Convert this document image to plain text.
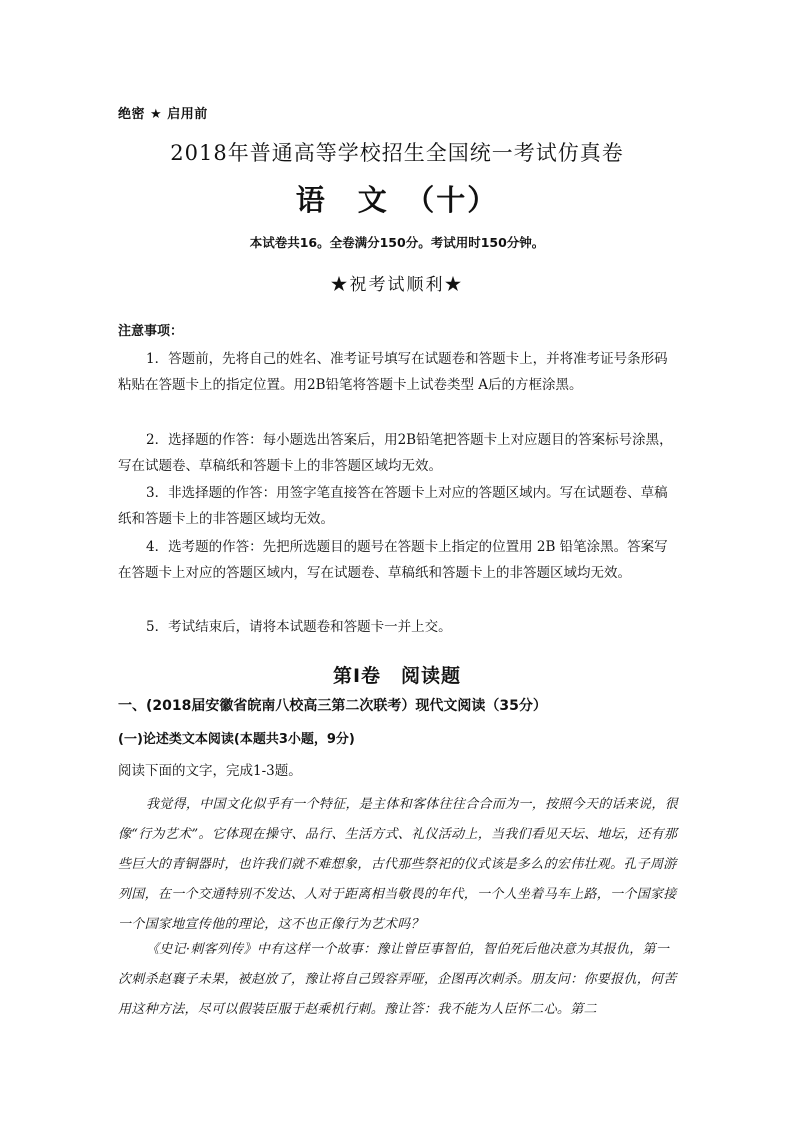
绝密 ★ 启用前
2018年普通高等学校招生全国统一考试仿真卷
语　文　（十）
本试卷共16。全卷满分150分。考试用时150分钟。
★祝考试顺利★
注意事项：
1．答题前，先将自己的姓名、准考证号填写在试题卷和答题卡上，并将准考证号条形码粘贴在答题卡上的指定位置。用2B铅笔将答题卡上试卷类型 A后的方框涂黑。
2．选择题的作答：每小题选出答案后，用2B铅笔把答题卡上对应题目的答案标号涂黑，写在试题卷、草稿纸和答题卡上的非答题区域均无效。
3．非选择题的作答：用签字笔直接答在答题卡上对应的答题区域内。写在试题卷、草稿纸和答题卡上的非答题区域均无效。
4．选考题的作答：先把所选题目的题号在答题卡上指定的位置用 2B 铅笔涂黑。答案写在答题卡上对应的答题区域内，写在试题卷、草稿纸和答题卡上的非答题区域均无效。
5．考试结束后，请将本试题卷和答题卡一并上交。
第Ⅰ卷　阅读题
一、(2018届安徽省皖南八校高三第二次联考）现代文阅读（35分）
(一)论述类文本阅读(本题共3小题，9分)
阅读下面的文字，完成1-3题。
我觉得，中国文化似乎有一个特征，是主体和客体往往合合而为一，按照今天的话来说，很像“行为艺术”。它体现在操守、品行、生活方式、礼仪活动上，当我们看见天坛、地坛，还有那些巨大的青铜器时，也许我们就不难想象，古代那些祭祀的仪式该是多么的宏伟壮观。孔子周游列国，在一个交通特别不发达、人对于距离相当敬畏的年代，一个人坐着马车上路，一个国家接一个国家地宣传他的理论，这不也正像行为艺术吗？
《史记·刺客列传》中有这样一个故事：豫让曾臣事智伯，智伯死后他决意为其报仇，第一次刺杀赵襄子未果，被赵放了，豫让将自己毁容弄哑，企图再次刺杀。朋友问：你要报仇，何苦用这种方法，尽可以假装臣服于赵乘机行刺。豫让答：我不能为人臣怀二心。第二
